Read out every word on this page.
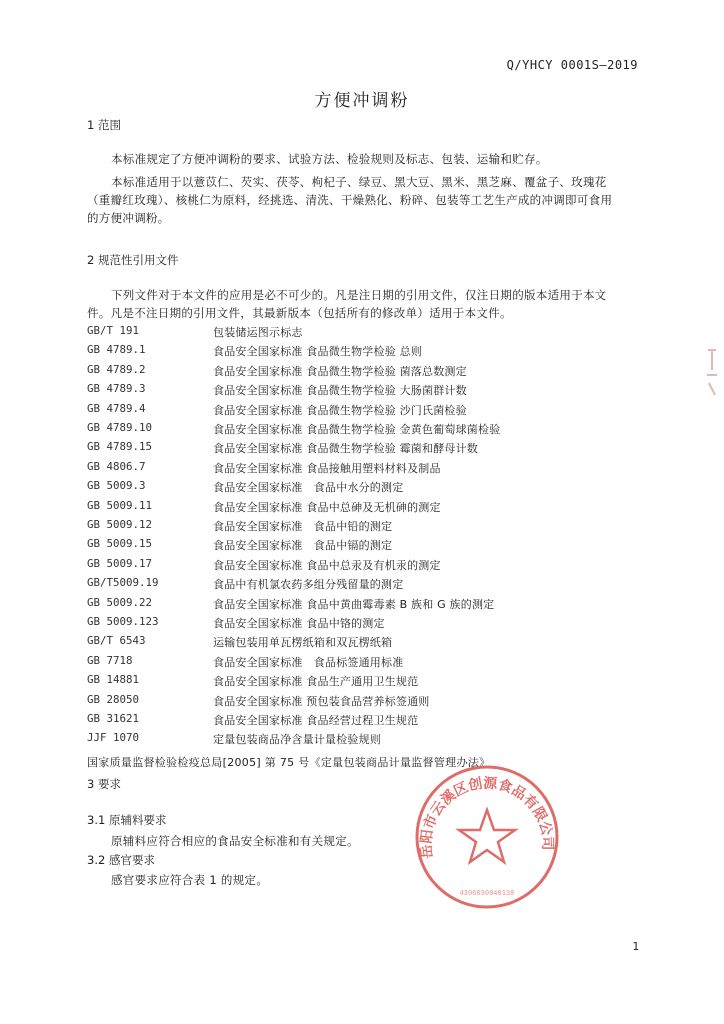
Q/YHCY 0001S—2019
方便冲调粉
1 范围
本标准规定了方便冲调粉的要求、试验方法、检验规则及标志、包装、运输和贮存。
本标准适用于以薏苡仁、芡实、茯苓、枸杞子、绿豆、黑大豆、黑米、黑芝麻、覆盆子、玫瑰花（重瓣红玫瑰）、核桃仁为原料，经挑选、清洗、干燥熟化、粉碎、包装等工艺生产成的冲调即可食用的方便冲调粉。
2 规范性引用文件
下列文件对于本文件的应用是必不可少的。凡是注日期的引用文件，仅注日期的版本适用于本文件。凡是不注日期的引用文件，其最新版本（包括所有的修改单）适用于本文件。
GB/T 191	包装储运图示标志
GB 4789.1	食品安全国家标准 食品微生物学检验 总则
GB 4789.2	食品安全国家标准 食品微生物学检验 菌落总数测定
GB 4789.3	食品安全国家标准 食品微生物学检验 大肠菌群计数
GB 4789.4	食品安全国家标准 食品微生物学检验 沙门氏菌检验
GB 4789.10	食品安全国家标准 食品微生物学检验 金黄色葡萄球菌检验
GB 4789.15	食品安全国家标准 食品微生物学检验 霉菌和酵母计数
GB 4806.7	食品安全国家标准 食品接触用塑料材料及制品
GB 5009.3	食品安全国家标准　食品中水分的测定
GB 5009.11	食品安全国家标准 食品中总砷及无机砷的测定
GB 5009.12	食品安全国家标准　食品中铅的测定
GB 5009.15	食品安全国家标准　食品中镉的测定
GB 5009.17	食品安全国家标准 食品中总汞及有机汞的测定
GB/T5009.19	食品中有机氯农药多组分残留量的测定
GB 5009.22	食品安全国家标准 食品中黄曲霉毒素 B 族和 G 族的测定
GB 5009.123	食品安全国家标准 食品中铬的测定
GB/T 6543	运输包装用单瓦楞纸箱和双瓦楞纸箱
GB 7718	食品安全国家标准　食品标签通用标准
GB 14881	食品安全国家标准 食品生产通用卫生规范
GB 28050	食品安全国家标准 预包装食品营养标签通则
GB 31621	食品安全国家标准 食品经营过程卫生规范
JJF 1070	定量包装商品净含量计量检验规则
国家质量监督检验检疫总局[2005] 第 75 号《定量包装商品计量监督管理办法》
3 要求
3.1 原辅料要求
原辅料应符合相应的食品安全标准和有关规定。
3.2 感官要求
感官要求应符合表 1 的规定。
岳阳市云溪区创源食品有限公司
4306030040138
1
